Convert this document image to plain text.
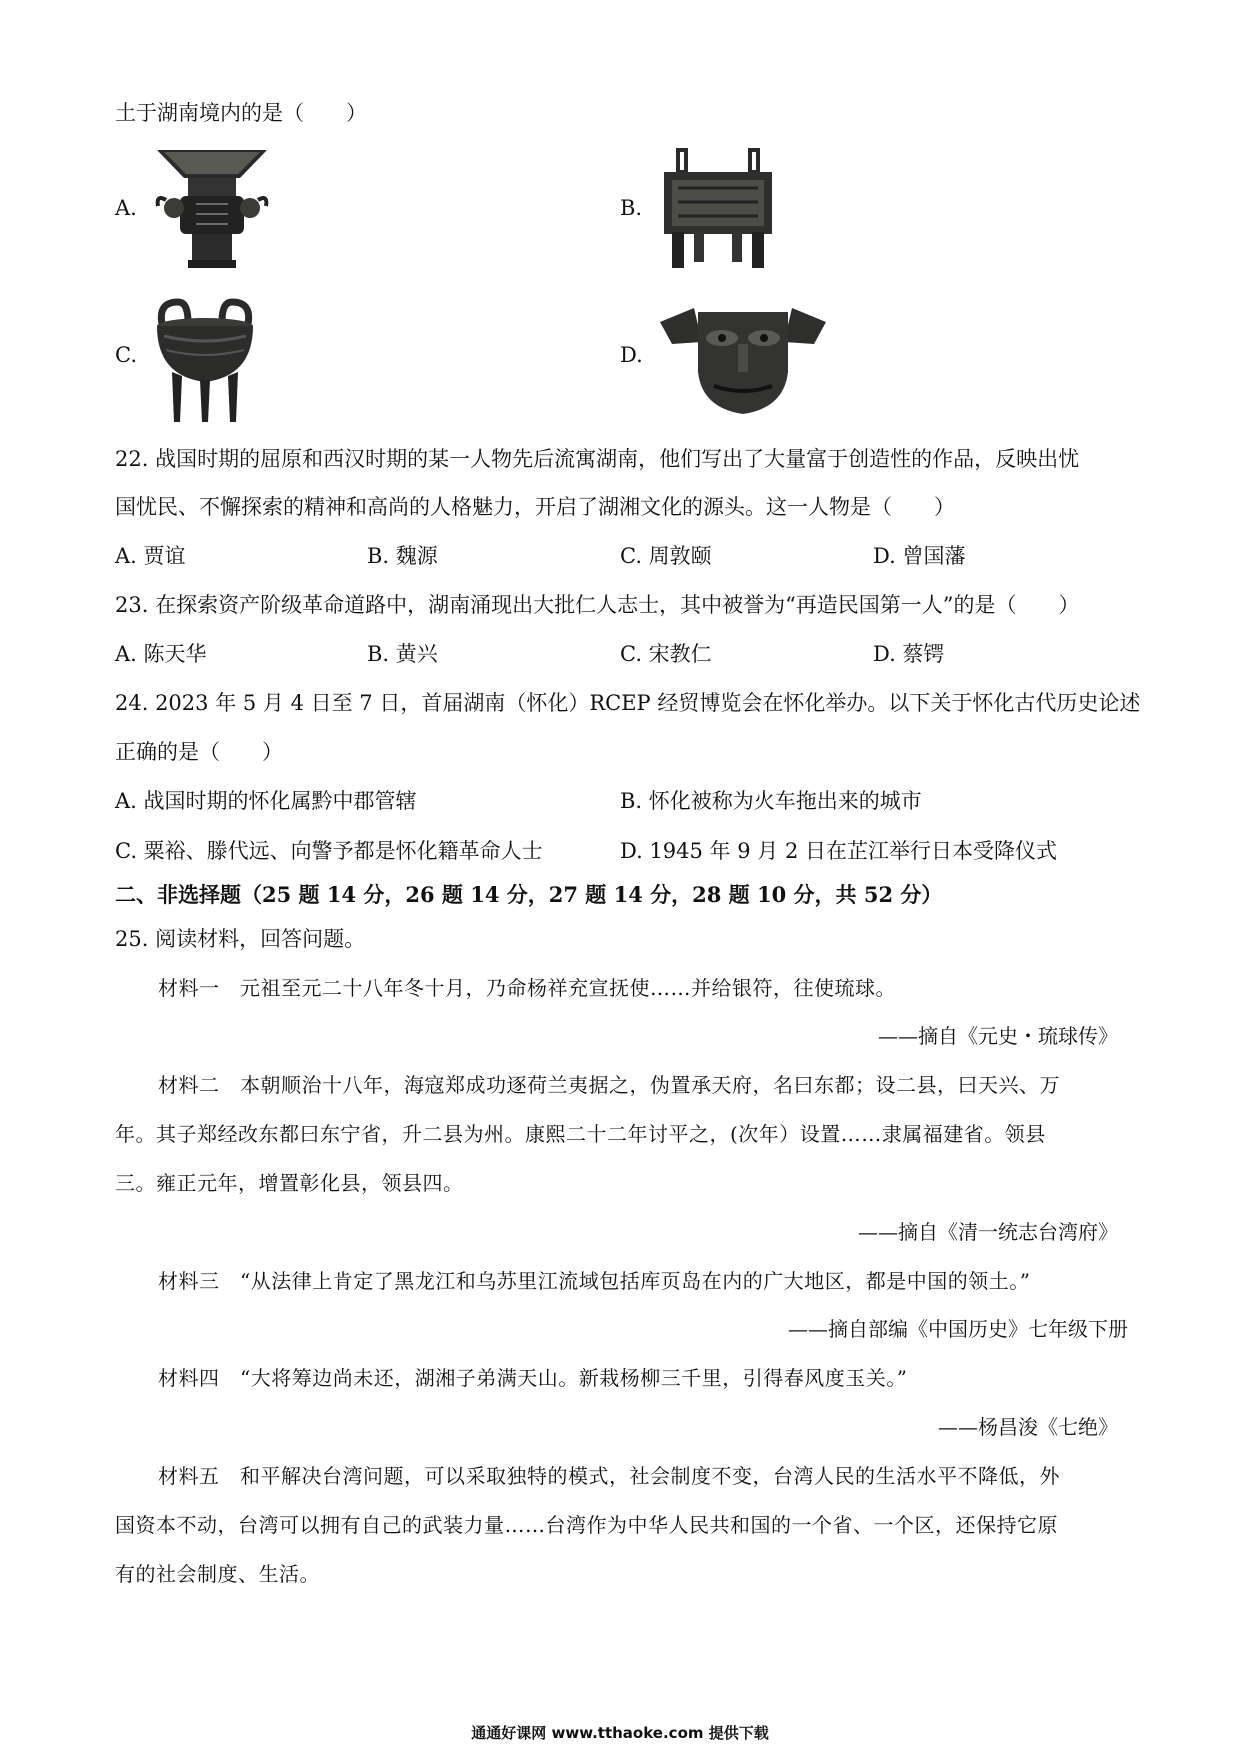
土于湖南境内的是（　　）
A.	B.
C.	D.
22. 战国时期的屈原和西汉时期的某一人物先后流寓湖南，他们写出了大量富于创造性的作品，反映出忧
国忧民、不懈探索的精神和高尚的人格魅力，开启了湖湘文化的源头。这一人物是（　　）
A. 贾谊	B. 魏源	C. 周敦颐	D. 曾国藩
23. 在探索资产阶级革命道路中，湖南涌现出大批仁人志士，其中被誉为“再造民国第一人”的是（　　）
A. 陈天华	B. 黄兴	C. 宋教仁	D. 蔡锷
24. 2023 年 5 月 4 日至 7 日，首届湖南（怀化）RCEP 经贸博览会在怀化举办。以下关于怀化古代历史论述
正确的是（　　）
A. 战国时期的怀化属黔中郡管辖	B. 怀化被称为火车拖出来的城市
C. 粟裕、滕代远、向警予都是怀化籍革命人士	D. 1945 年 9 月 2 日在芷江举行日本受降仪式
二、非选择题（25 题 14 分，26 题 14 分，27 题 14 分，28 题 10 分，共 52 分）
25. 阅读材料，回答问题。
材料一　元祖至元二十八年冬十月，乃命杨祥充宣抚使……并给银符，往使琉球。
——摘自《元史・琉球传》
材料二　本朝顺治十八年，海寇郑成功逐荷兰夷据之，伪置承天府，名曰东都；设二县，曰天兴、万
年。其子郑经改东都曰东宁省，升二县为州。康熙二十二年讨平之，(次年）设置……隶属福建省。领县
三。雍正元年，增置彰化县，领县四。
——摘自《清一统志台湾府》
材料三　“从法律上肯定了黑龙江和乌苏里江流域包括库页岛在内的广大地区，都是中国的领土。”
——摘自部编《中国历史》七年级下册
材料四　“大将筹边尚未还，湖湘子弟满天山。新栽杨柳三千里，引得春风度玉关。”
——杨昌浚《七绝》
材料五　和平解决台湾问题，可以采取独特的模式，社会制度不变，台湾人民的生活水平不降低，外
国资本不动，台湾可以拥有自己的武装力量……台湾作为中华人民共和国的一个省、一个区，还保持它原
有的社会制度、生活。
通通好课网 www.tthaoke.com 提供下载
